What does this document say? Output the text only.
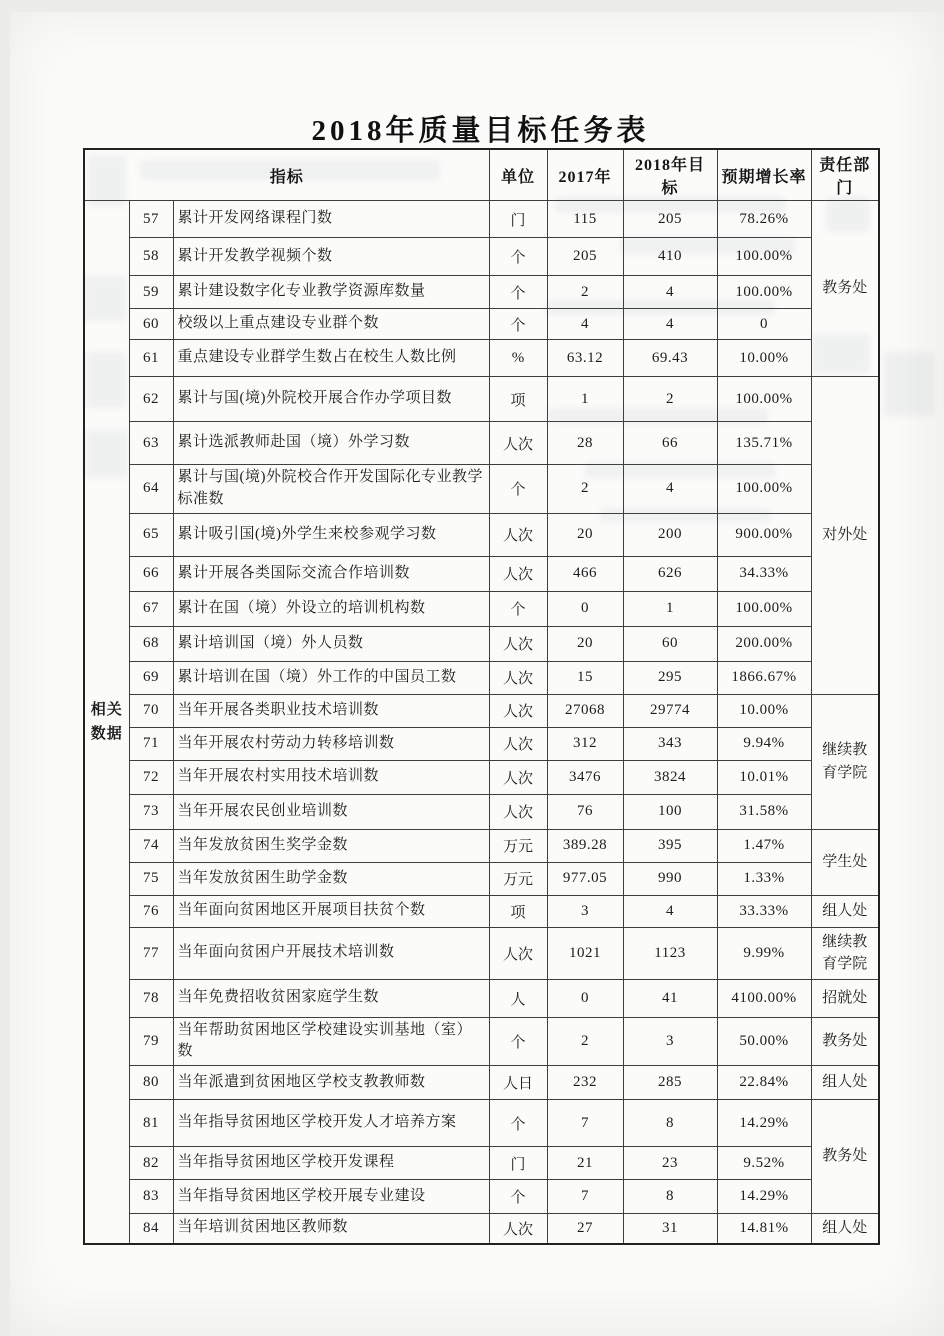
2018年质量目标任务表
指标			单位	2017年	2018年目标	预期增长率	责任部门
相关数据	57	累计开发网络课程门数	门	115	205	78.26%	教务处
	58	累计开发教学视频个数	个	205	410	100.00%	
	59	累计建设数字化专业教学资源库数量	个	2	4	100.00%	
	60	校级以上重点建设专业群个数	个	4	4	0	
	61	重点建设专业群学生数占在校生人数比例	%	63.12	69.43	10.00%	
	62	累计与国(境)外院校开展合作办学项目数	项	1	2	100.00%	对外处
	63	累计选派教师赴国（境）外学习数	人次	28	66	135.71%	
	64	累计与国(境)外院校合作开发国际化专业教学标准数	个	2	4	100.00%	
	65	累计吸引国(境)外学生来校参观学习数	人次	20	200	900.00%	
	66	累计开展各类国际交流合作培训数	人次	466	626	34.33%	
	67	累计在国（境）外设立的培训机构数	个	0	1	100.00%	
	68	累计培训国（境）外人员数	人次	20	60	200.00%	
	69	累计培训在国（境）外工作的中国员工数	人次	15	295	1866.67%	
	70	当年开展各类职业技术培训数	人次	27068	29774	10.00%	继续教育学院
	71	当年开展农村劳动力转移培训数	人次	312	343	9.94%	
	72	当年开展农村实用技术培训数	人次	3476	3824	10.01%	
	73	当年开展农民创业培训数	人次	76	100	31.58%	
	74	当年发放贫困生奖学金数	万元	389.28	395	1.47%	学生处
	75	当年发放贫困生助学金数	万元	977.05	990	1.33%	
	76	当年面向贫困地区开展项目扶贫个数	项	3	4	33.33%	组人处
	77	当年面向贫困户开展技术培训数	人次	1021	1123	9.99%	继续教育学院
	78	当年免费招收贫困家庭学生数	人	0	41	4100.00%	招就处
	79	当年帮助贫困地区学校建设实训基地（室）数	个	2	3	50.00%	教务处
	80	当年派遣到贫困地区学校支教教师数	人日	232	285	22.84%	组人处
	81	当年指导贫困地区学校开发人才培养方案	个	7	8	14.29%	教务处
	82	当年指导贫困地区学校开发课程	门	21	23	9.52%	
	83	当年指导贫困地区学校开展专业建设	个	7	8	14.29%	
	84	当年培训贫困地区教师数	人次	27	31	14.81%	组人处
